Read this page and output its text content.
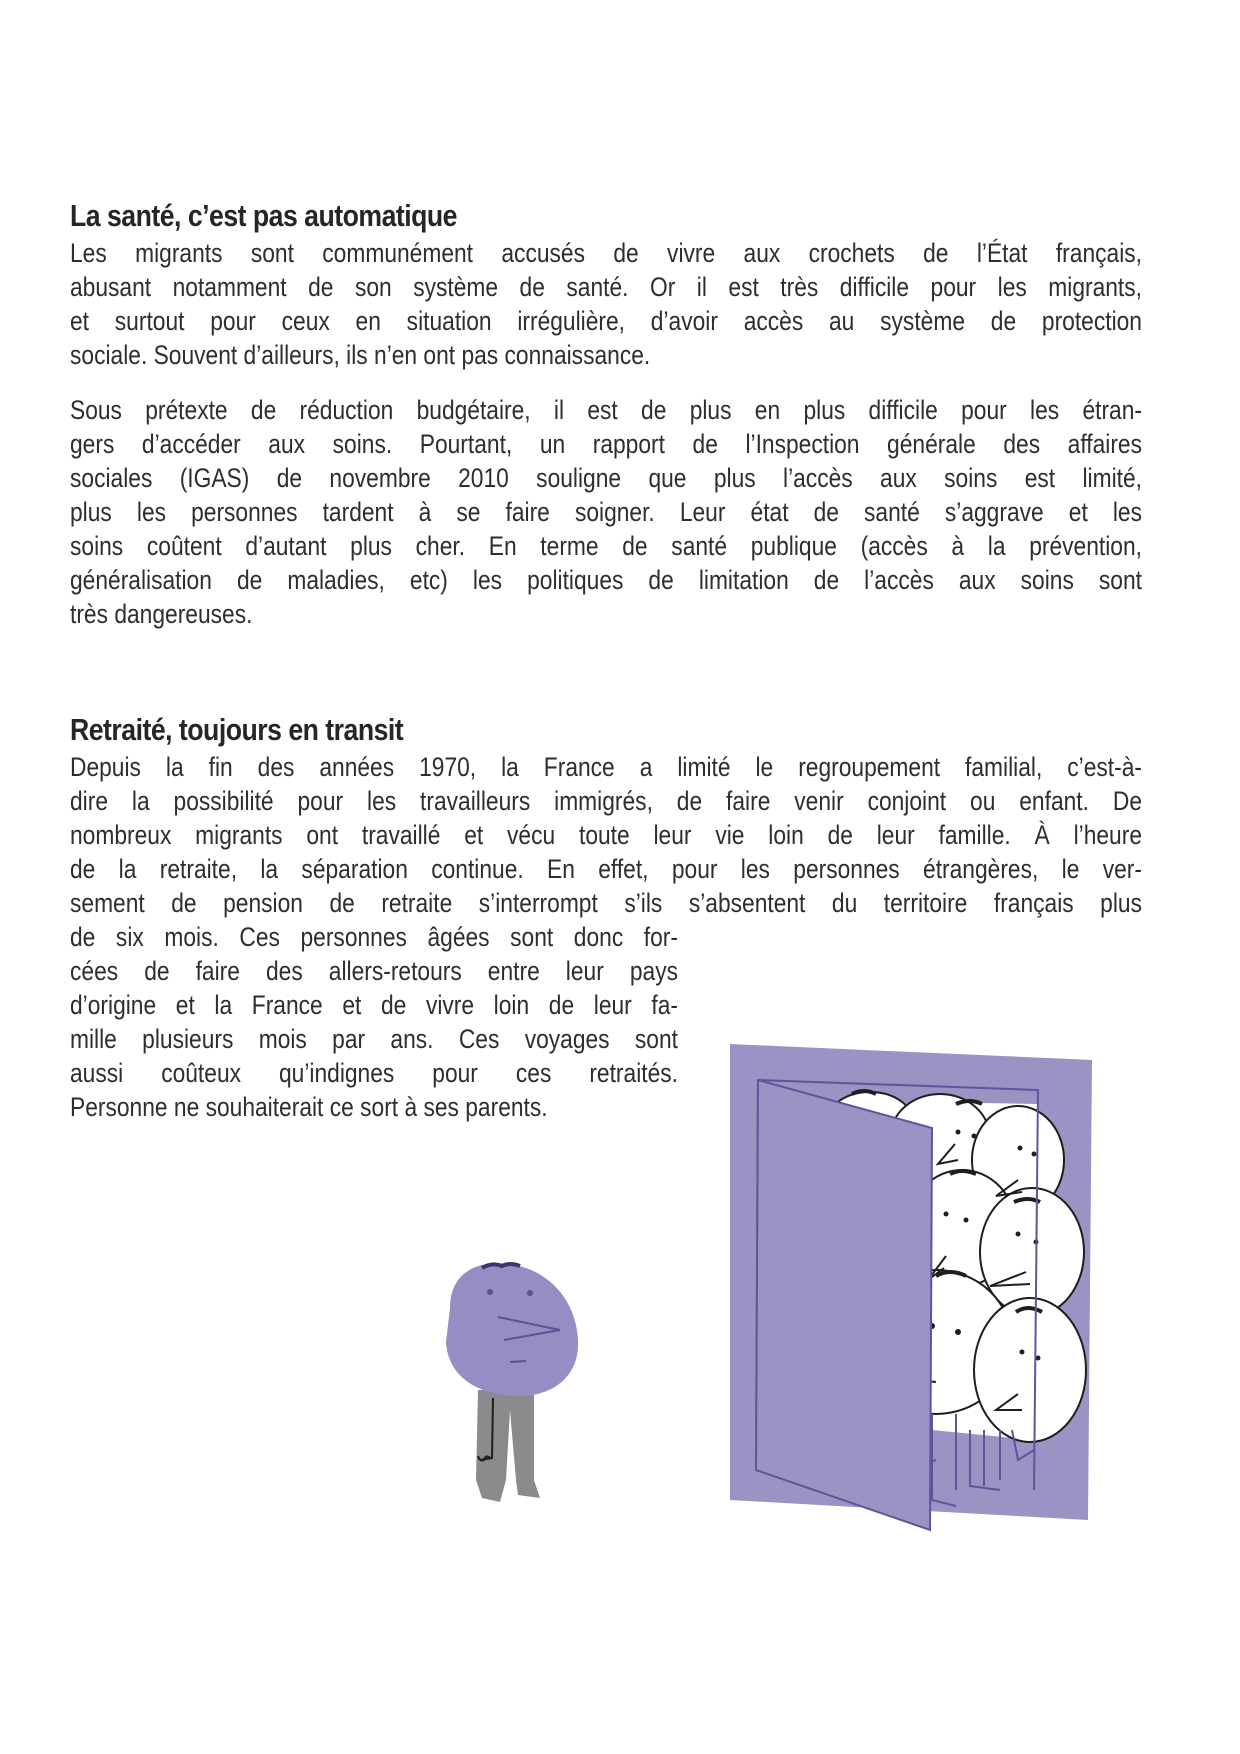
La santé, c’est pas automatique
Les migrants sont communément accusés de vivre aux crochets de l’État français,
abusant notamment de son système de santé. Or il est très difficile pour les migrants,
et surtout pour ceux en situation irrégulière, d’avoir accès au système de protection
sociale. Souvent d’ailleurs, ils n’en ont pas connaissance.
Sous prétexte de réduction budgétaire, il est de plus en plus difficile pour les étran-
gers d’accéder aux soins. Pourtant, un rapport de l’Inspection générale des affaires
sociales (IGAS) de novembre 2010 souligne que plus l’accès aux soins est limité,
plus les personnes tardent à se faire soigner. Leur état de santé s’aggrave et les
soins coûtent d’autant plus cher. En terme de santé publique (accès à la prévention,
généralisation de maladies, etc) les politiques de limitation de l’accès aux soins sont
très dangereuses.
Retraité, toujours en transit
Depuis la fin des années 1970, la France a limité le regroupement familial, c’est-à-
dire la possibilité pour les travailleurs immigrés, de faire venir conjoint ou enfant. De
nombreux migrants ont travaillé et vécu toute leur vie loin de leur famille. À l’heure
de la retraite, la séparation continue. En effet, pour les personnes étrangères, le ver-
sement de pension de retraite s’interrompt s’ils s’absentent du territoire français plus
de six mois. Ces personnes âgées sont donc for-
cées de faire des allers-retours entre leur pays
d’origine et la France et de vivre loin de leur fa-
mille plusieurs mois par ans. Ces voyages sont
aussi coûteux qu’indignes pour ces retraités.
Personne ne souhaiterait ce sort à ses parents.
